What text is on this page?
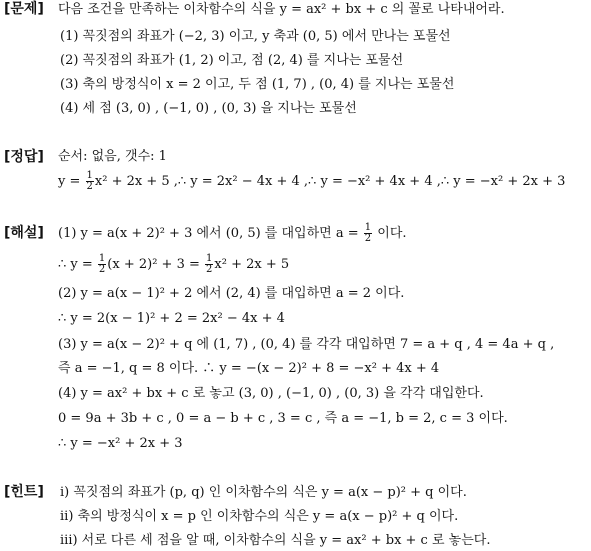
[문제] 다음 조건을 만족하는 이차함수의 식을 y = ax² + bx + c 의 꼴로 나타내어라.
(1) 꼭짓점의 좌표가 (−2, 3) 이고, y 축과 (0, 5) 에서 만나는 포물선
(2) 꼭짓점의 좌표가 (1, 2) 이고, 점 (2, 4) 를 지나는 포물선
(3) 축의 방정식이 x = 2 이고, 두 점 (1, 7) , (0, 4) 를 지나는 포물선
(4) 세 점 (3, 0) , (−1, 0) , (0, 3) 을 지나는 포물선
[정답] 순서: 없음, 갯수: 1
$y = \frac{1}{2} x^2 + 2x + 5$ ,∴ y = 2x² − 4x + 4 ,∴ y = −x² + 4x + 4 ,∴ y = −x² + 2x + 3
[해설] (1) y = a(x + 2)² + 3 에서 (0, 5) 를 대입하면 $a = \frac{1}{2}$ 이다.
∴ $y = \frac{1}{2} (x + 2)^2 + 3 = \frac{1}{2} x^2 + 2x + 5$
(2) y = a(x − 1)² + 2 에서 (2, 4) 를 대입하면 a = 2 이다.
∴ y = 2(x − 1)² + 2 = 2x² − 4x + 4
(3) y = a(x − 2)² + q 에 (1, 7) , (0, 4) 를 각각 대입하면 7 = a + q , 4 = 4a + q ,
즉 a = −1, q = 8 이다. ∴ y = −(x − 2)² + 8 = −x² + 4x + 4
(4) y = ax² + bx + c 로 놓고 (3, 0) , (−1, 0) , (0, 3) 을 각각 대입한다.
0 = 9a + 3b + c , 0 = a − b + c , 3 = c , 즉 a = −1, b = 2, c = 3 이다.
∴ y = −x² + 2x + 3
[힌트] ⅰ) 꼭짓점의 좌표가 (p, q) 인 이차함수의 식은 y = a(x − p)² + q 이다.
ⅱ) 축의 방정식이 x = p 인 이차함수의 식은 y = a(x − p)² + q 이다.
ⅲ) 서로 다른 세 점을 알 때, 이차함수의 식을 y = ax² + bx + c 로 놓는다.
